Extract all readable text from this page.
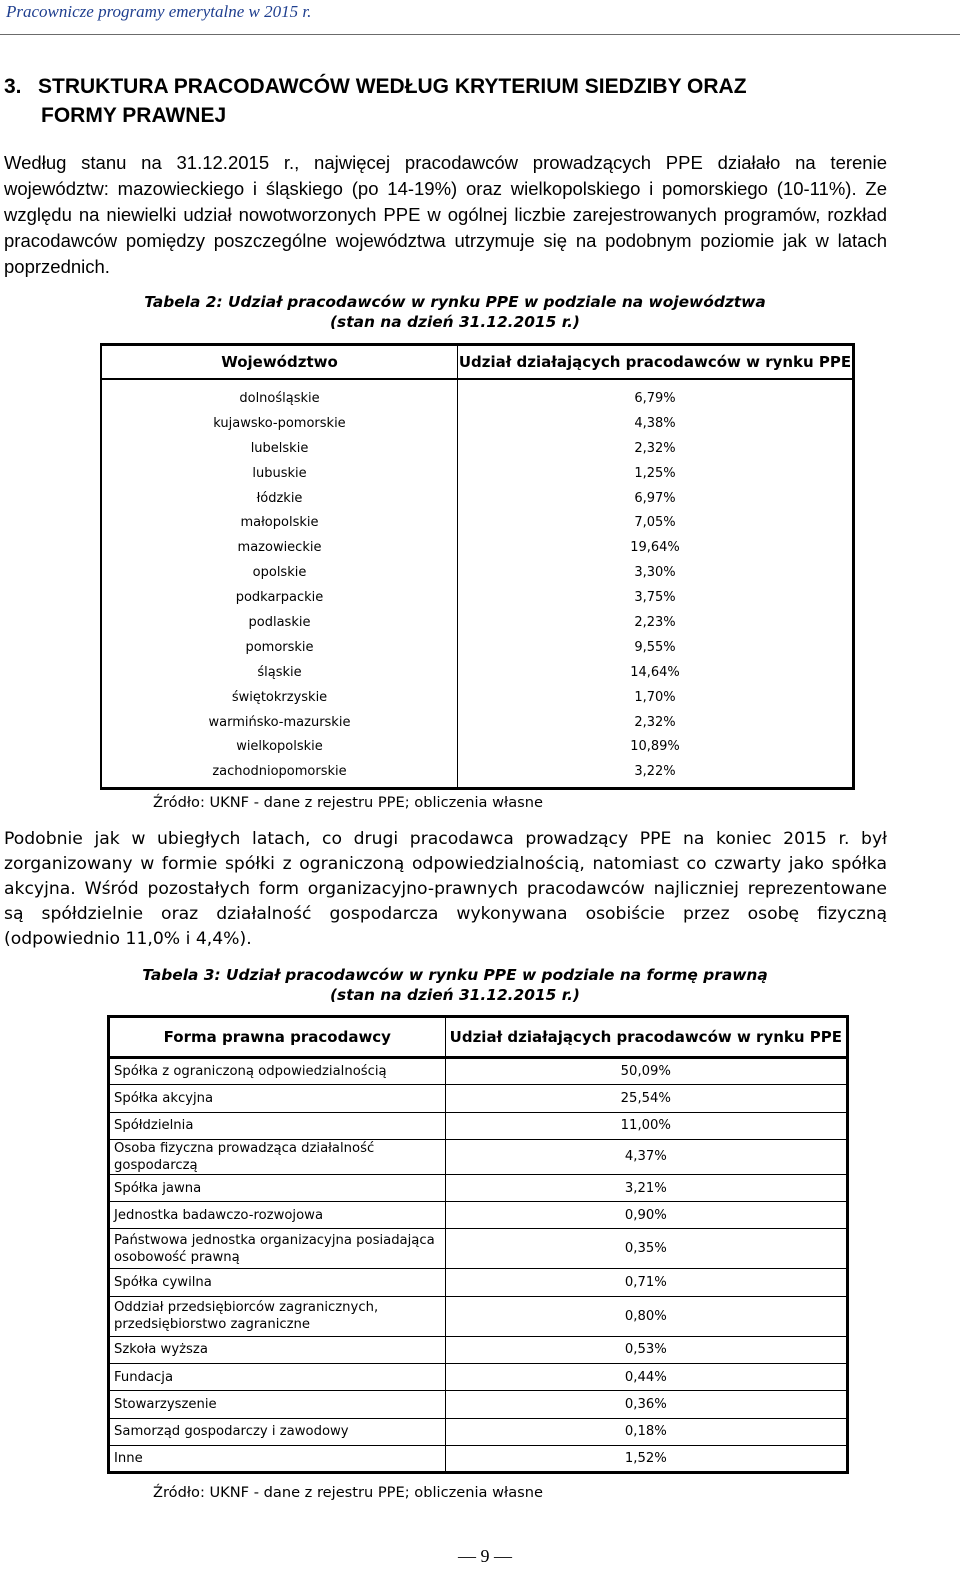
Pracownicze programy emerytalne w 2015 r.
3. STRUKTURA PRACODAWCÓW WEDŁUG KRYTERIUM SIEDZIBY ORAZ
FORMY PRAWNEJ
Według stanu na 31.12.2015 r., najwięcej pracodawców prowadzących PPE działało na terenie województw: mazowieckiego i śląskiego (po 14-19%) oraz wielkopolskiego i pomorskiego (10-11%). Ze względu na niewielki udział nowotworzonych PPE w ogólnej liczbie zarejestrowanych programów, rozkład pracodawców pomiędzy poszczególne województwa utrzymuje się na podobnym poziomie jak w latach poprzednich.
Tabela 2: Udział pracodawców w rynku PPE w podziale na województwa
(stan na dzień 31.12.2015 r.)
Województwo	Udział działających pracodawców w rynku PPE
dolnośląskie	6,79%
kujawsko-pomorskie	4,38%
lubelskie	2,32%
lubuskie	1,25%
łódzkie	6,97%
małopolskie	7,05%
mazowieckie	19,64%
opolskie	3,30%
podkarpackie	3,75%
podlaskie	2,23%
pomorskie	9,55%
śląskie	14,64%
świętokrzyskie	1,70%
warmińsko-mazurskie	2,32%
wielkopolskie	10,89%
zachodniopomorskie	3,22%
Źródło: UKNF - dane z rejestru PPE; obliczenia własne
Podobnie jak w ubiegłych latach, co drugi pracodawca prowadzący PPE na koniec 2015 r. był zorganizowany w formie spółki z ograniczoną odpowiedzialnością, natomiast co czwarty jako spółka akcyjna. Wśród pozostałych form organizacyjno-prawnych pracodawców najliczniej reprezentowane są spółdzielnie oraz działalność gospodarcza wykonywana osobiście przez osobę fizyczną (odpowiednio 11,0% i 4,4%).
Tabela 3: Udział pracodawców w rynku PPE w podziale na formę prawną
(stan na dzień 31.12.2015 r.)
Forma prawna pracodawcy	Udział działających pracodawców w rynku PPE
Spółka z ograniczoną odpowiedzialnością	50,09%
Spółka akcyjna	25,54%
Spółdzielnia	11,00%
Osoba fizyczna prowadząca działalność gospodarczą	4,37%
Spółka jawna	3,21%
Jednostka badawczo-rozwojowa	0,90%
Państwowa jednostka organizacyjna posiadająca osobowość prawną	0,35%
Spółka cywilna	0,71%
Oddział przedsiębiorców zagranicznych, przedsiębiorstwo zagraniczne	0,80%
Szkoła wyższa	0,53%
Fundacja	0,44%
Stowarzyszenie	0,36%
Samorząd gospodarczy i zawodowy	0,18%
Inne	1,52%
Źródło: UKNF - dane z rejestru PPE; obliczenia własne
— 9 —
